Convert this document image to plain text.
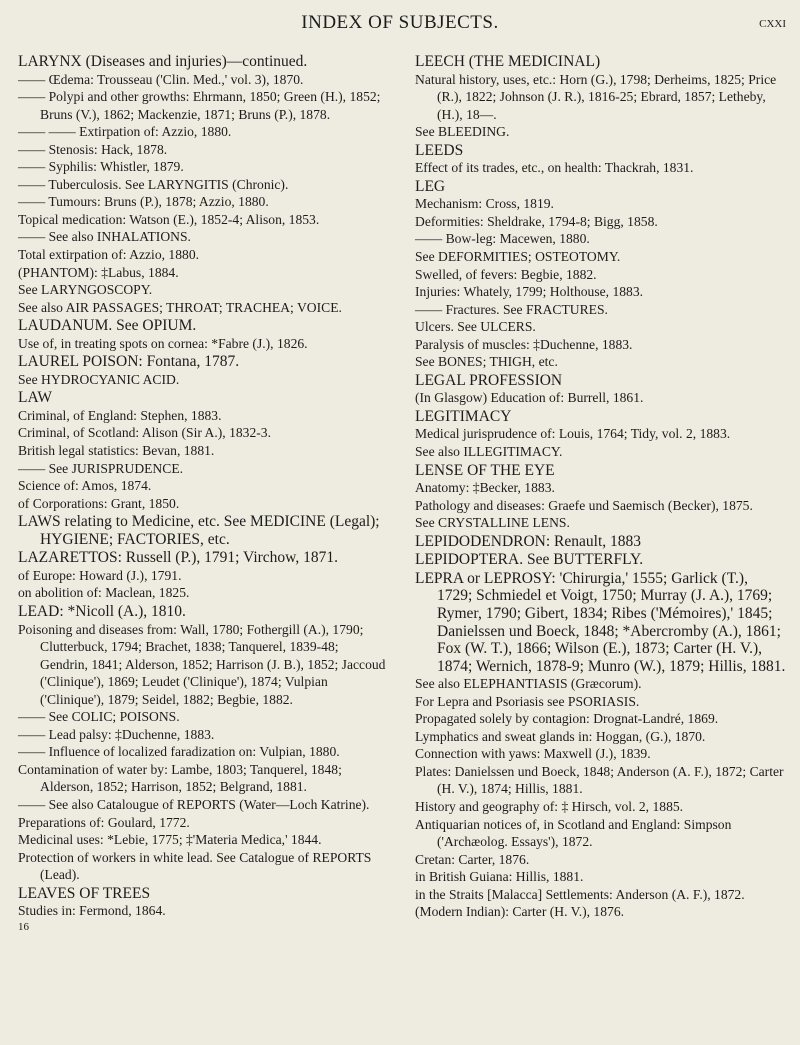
INDEX OF SUBJECTS.	cxxi

LARYNX (Diseases and injuries)—continued.

—— Œdema: Trousseau ('Clin. Med.,' vol. 3), 1870.

—— Polypi and other growths: Ehrmann, 1850; Green (H.), 1852; Bruns (V.), 1862; Mackenzie, 1871; Bruns (P.), 1878.

—— —— Extirpation of: Azzio, 1880.

—— Stenosis: Hack, 1878.

—— Syphilis: Whistler, 1879.

—— Tuberculosis. See LARYNGITIS (Chronic).

—— Tumours: Bruns (P.), 1878; Azzio, 1880.

Topical medication: Watson (E.), 1852-4; Alison, 1853.

—— See also INHALATIONS.

Total extirpation of: Azzio, 1880.

(PHANTOM): ‡Labus, 1884.

See LARYNGOSCOPY.

See also AIR PASSAGES; THROAT; TRACHEA; VOICE.

LAUDANUM. See OPIUM.

Use of, in treating spots on cornea: *Fabre (J.), 1826.

LAUREL POISON: Fontana, 1787.

See HYDROCYANIC ACID.

LAW

Criminal, of England: Stephen, 1883.

Criminal, of Scotland: Alison (Sir A.), 1832-3.

British legal statistics: Bevan, 1881.

—— See JURISPRUDENCE.

Science of: Amos, 1874.

of Corporations: Grant, 1850.

LAWS relating to Medicine, etc. See MEDICINE (Legal); HYGIENE; FACTORIES, etc.

LAZARETTOS: Russell (P.), 1791; Virchow, 1871.

of Europe: Howard (J.), 1791.

on abolition of: Maclean, 1825.

LEAD: *Nicoll (A.), 1810.

Poisoning and diseases from: Wall, 1780; Fothergill (A.), 1790; Clutterbuck, 1794; Brachet, 1838; Tanquerel, 1839-48; Gendrin, 1841; Alderson, 1852; Harrison (J. B.), 1852; Jaccoud ('Clinique'), 1869; Leudet ('Clinique'), 1874; Vulpian ('Clinique'), 1879; Seidel, 1882; Begbie, 1882.

—— See COLIC; POISONS.

—— Lead palsy: ‡Duchenne, 1883.

—— Influence of localized faradization on: Vulpian, 1880.

Contamination of water by: Lambe, 1803; Tanquerel, 1848; Alderson, 1852; Harrison, 1852; Belgrand, 1881.

—— See also Catalougue of REPORTS (Water—Loch Katrine).

Preparations of: Goulard, 1772.

Medicinal uses: *Lebie, 1775; ‡'Materia Medica,' 1844.

Protection of workers in white lead. See Catalogue of REPORTS (Lead).

LEAVES OF TREES

Studies in: Fermond, 1864.

16

LEECH (THE MEDICINAL)

Natural history, uses, etc.: Horn (G.), 1798; Derheims, 1825; Price (R.), 1822; Johnson (J. R.), 1816-25; Ebrard, 1857; Letheby, (H.), 18—.

See BLEEDING.

LEEDS

Effect of its trades, etc., on health: Thackrah, 1831.

LEG

Mechanism: Cross, 1819.

Deformities: Sheldrake, 1794-8; Bigg, 1858.

—— Bow-leg: Macewen, 1880.

See DEFORMITIES; OSTEOTOMY.

Swelled, of fevers: Begbie, 1882.

Injuries: Whately, 1799; Holthouse, 1883.

—— Fractures. See FRACTURES.

Ulcers. See ULCERS.

Paralysis of muscles: ‡Duchenne, 1883.

See BONES; THIGH, etc.

LEGAL PROFESSION

(In Glasgow) Education of: Burrell, 1861.

LEGITIMACY

Medical jurisprudence of: Louis, 1764; Tidy, vol. 2, 1883.

See also ILLEGITIMACY.

LENSE OF THE EYE

Anatomy: ‡Becker, 1883.

Pathology and diseases: Graefe und Saemisch (Becker), 1875.

See CRYSTALLINE LENS.

LEPIDODENDRON: Renault, 1883

LEPIDOPTERA. See BUTTERFLY.

LEPRA or LEPROSY: 'Chirurgia,' 1555; Garlick (T.), 1729; Schmiedel et Voigt, 1750; Murray (J. A.), 1769; Rymer, 1790; Gibert, 1834; Ribes ('Mémoires),' 1845; Danielssen und Boeck, 1848; *Abercromby (A.), 1861; Fox (W. T.), 1866; Wilson (E.), 1873; Carter (H. V.), 1874; Wernich, 1878-9; Munro (W.), 1879; Hillis, 1881.

See also ELEPHANTIASIS (Græcorum).

For Lepra and Psoriasis see PSORIASIS.

Propagated solely by contagion: Drognat-Landré, 1869.

Lymphatics and sweat glands in: Hoggan, (G.), 1870.

Connection with yaws: Maxwell (J.), 1839.

Plates: Danielssen und Boeck, 1848; Anderson (A. F.), 1872; Carter (H. V.), 1874; Hillis, 1881.

History and geography of: ‡ Hirsch, vol. 2, 1885.

Antiquarian notices of, in Scotland and England: Simpson ('Archæolog. Essays'), 1872.

Cretan: Carter, 1876.

in British Guiana: Hillis, 1881.

in the Straits [Malacca] Settlements: Anderson (A. F.), 1872.

(Modern Indian): Carter (H. V.), 1876.
